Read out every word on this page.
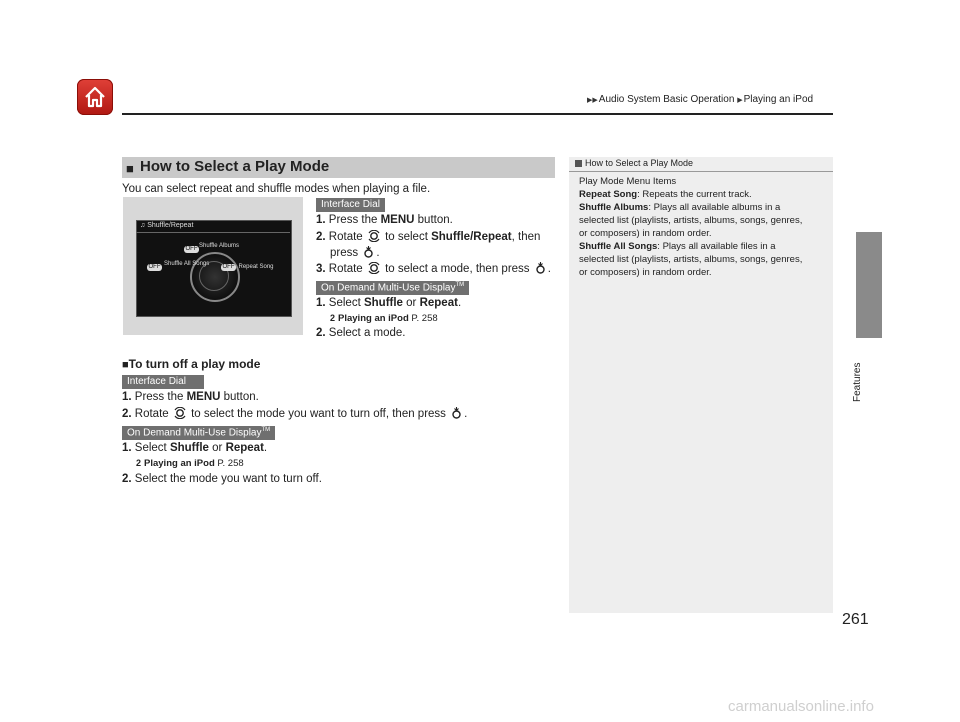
▶▶Audio System Basic Operation ▶Playing an iPod
Features
261
■ How to Select a Play Mode
You can select repeat and shuffle modes when playing a file.
♫ Shuffle/Repeat
OFF Shuffle Albums
OFF Shuffle All Songs OFF Repeat Song
Interface Dial
1. Press the MENU button.
2. Rotate  to select Shuffle/Repeat, then
press .
3. Rotate  to select a mode, then press .
On Demand Multi-Use Display™
1. Select Shuffle or Repeat.
2 Playing an iPod P. 258
2. Select a mode.
■To turn off a play mode
Interface Dial
1. Press the MENU button.
2. Rotate  to select the mode you want to turn off, then press .
On Demand Multi-Use Display™
1. Select Shuffle or Repeat.
2 Playing an iPod P. 258
2. Select the mode you want to turn off.
How to Select a Play Mode
Play Mode Menu Items
Repeat Song: Repeats the current track.
Shuffle Albums: Plays all available albums in a
selected list (playlists, artists, albums, songs, genres,
or composers) in random order.
Shuffle All Songs: Plays all available files in a
selected list (playlists, artists, albums, songs, genres,
or composers) in random order.
carmanualsonline.info
